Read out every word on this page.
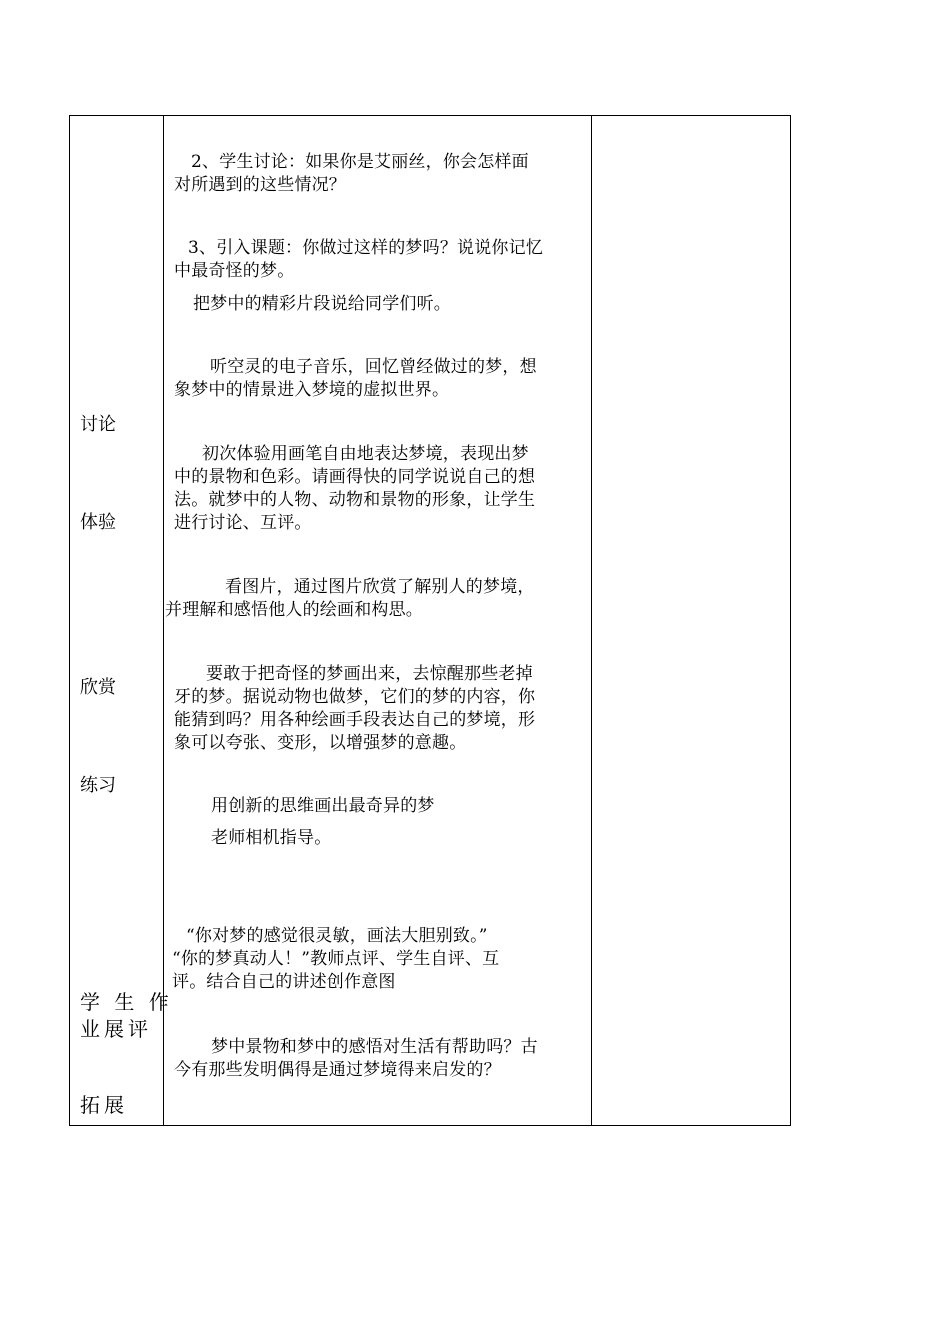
讨论
体验
欣赏
练习
学 生 作
业展评
拓展
2、学生讨论：如果你是艾丽丝，你会怎样面
对所遇到的这些情况？
3、引入课题：你做过这样的梦吗？说说你记忆
中最奇怪的梦。
把梦中的精彩片段说给同学们听。
听空灵的电子音乐，回忆曾经做过的梦，想
象梦中的情景进入梦境的虚拟世界。
初次体验用画笔自由地表达梦境，表现出梦
中的景物和色彩。请画得快的同学说说自己的想
法。就梦中的人物、动物和景物的形象，让学生
进行讨论、互评。
看图片，通过图片欣赏了解别人的梦境，
并理解和感悟他人的绘画和构思。
要敢于把奇怪的梦画出来，去惊醒那些老掉
牙的梦。据说动物也做梦，它们的梦的内容，你
能猜到吗？用各种绘画手段表达自己的梦境，形
象可以夸张、变形，以增强梦的意趣。
用创新的思维画出最奇异的梦
老师相机指导。
“你对梦的感觉很灵敏，画法大胆别致。”
“你的梦真动人！”教师点评、学生自评、互
评。结合自己的讲述创作意图
梦中景物和梦中的感悟对生活有帮助吗？古
今有那些发明偶得是通过梦境得来启发的？
